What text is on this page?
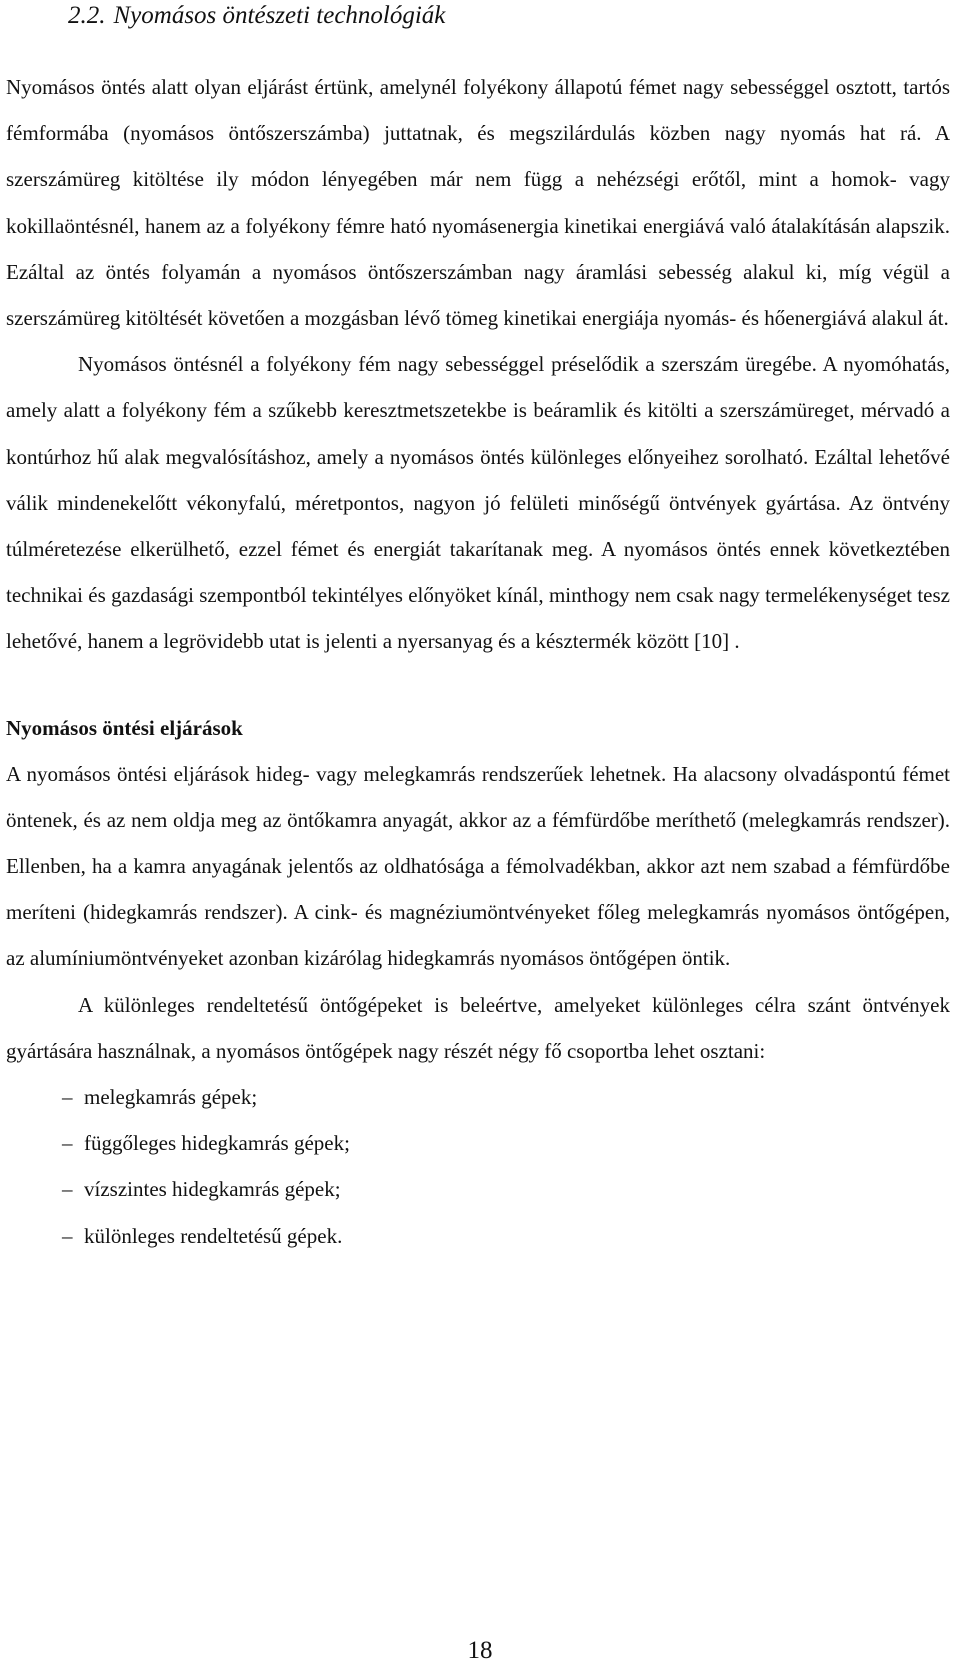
2.2. Nyomásos öntészeti technológiák

Nyomásos öntés alatt olyan eljárást értünk, amelynél folyékony állapotú fémet nagy sebességgel osztott, tartós fémformába (nyomásos öntőszerszámba) juttatnak, és megszilárdulás közben nagy nyomás hat rá. A szerszámüreg kitöltése ily módon lényegében már nem függ a nehézségi erőtől, mint a homok- vagy kokillaöntésnél, hanem az a folyékony fémre ható nyomásenergia kinetikai energiává való átalakításán alapszik. Ezáltal az öntés folyamán a nyomásos öntőszerszámban nagy áramlási sebesség alakul ki, míg végül a szerszámüreg kitöltését követően a mozgásban lévő tömeg kinetikai energiája nyomás- és hőenergiává alakul át.

Nyomásos öntésnél a folyékony fém nagy sebességgel préselődik a szerszám üregébe. A nyomóhatás, amely alatt a folyékony fém a szűkebb keresztmetszetekbe is beáramlik és kitölti a szerszámüreget, mérvadó a kontúrhoz hű alak megvalósításhoz, amely a nyomásos öntés különleges előnyeihez sorolható. Ezáltal lehetővé válik mindenekelőtt vékonyfalú, méretpontos, nagyon jó felületi minőségű öntvények gyártása. Az öntvény túlméretezése elkerülhető, ezzel fémet és energiát takarítanak meg. A nyomásos öntés ennek következtében technikai és gazdasági szempontból tekintélyes előnyöket kínál, minthogy nem csak nagy termelékenységet tesz lehetővé, hanem a legrövidebb utat is jelenti a nyersanyag és a késztermék között [10] .

Nyomásos öntési eljárások

A nyomásos öntési eljárások hideg- vagy melegkamrás rendszerűek lehetnek. Ha alacsony olvadáspontú fémet öntenek, és az nem oldja meg az öntőkamra anyagát, akkor az a fémfürdőbe meríthető (melegkamrás rendszer). Ellenben, ha a kamra anyagának jelentős az oldhatósága a fémolvadékban, akkor azt nem szabad a fémfürdőbe meríteni (hidegkamrás rendszer). A cink- és magnéziumöntvényeket főleg melegkamrás nyomásos öntőgépen, az alumíniumöntvényeket azonban kizárólag hidegkamrás nyomásos öntőgépen öntik.

A különleges rendeltetésű öntőgépeket is beleértve, amelyeket különleges célra szánt öntvények gyártására használnak, a nyomásos öntőgépek nagy részét négy fő csoportba lehet osztani:

– melegkamrás gépek;
– függőleges hidegkamrás gépek;
– vízszintes hidegkamrás gépek;
– különleges rendeltetésű gépek.
18
